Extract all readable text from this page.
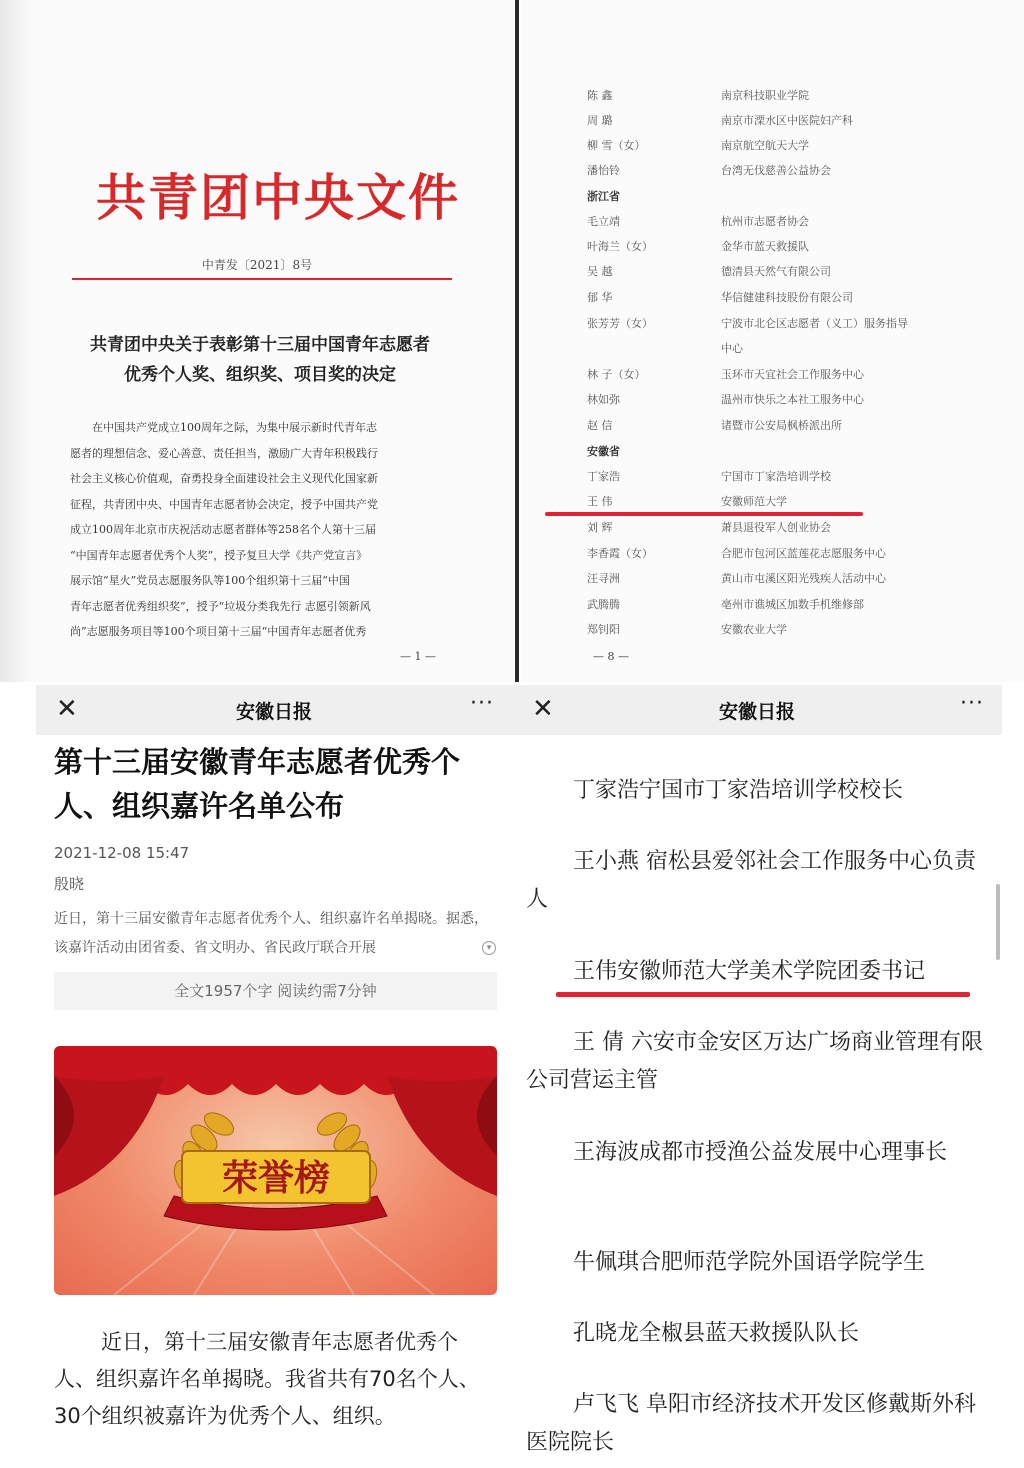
共青团中央文件
中青发〔2021〕8号
共青团中央关于表彰第十三届中国青年志愿者
优秀个人奖、组织奖、项目奖的决定
在中国共产党成立100周年之际，为集中展示新时代青年志
愿者的理想信念、爱心善意、责任担当，激励广大青年积极践行
社会主义核心价值观，奋勇投身全面建设社会主义现代化国家新
征程，共青团中央、中国青年志愿者协会决定，授予中国共产党
成立100周年北京市庆祝活动志愿者群体等258名个人第十三届
“中国青年志愿者优秀个人奖”，授予复旦大学《共产党宣言》
展示馆“星火”党员志愿服务队等100个组织第十三届“中国
青年志愿者优秀组织奖”，授予“垃圾分类我先行 志愿引领新风
尚”志愿服务项目等100个项目第十三届“中国青年志愿者优秀
— 1 —
陈 鑫	南京科技职业学院
周 璐	南京市溧水区中医院妇产科
柳 雪（女）	南京航空航天大学
潘怡铃	台湾无伐慈善公益协会
浙江省
毛立靖	杭州市志愿者协会
叶海兰（女）	金华市蓝天救援队
吴 越	德清县天然气有限公司
郁 华	华信健建科技股份有限公司
张芳芳（女）	宁波市北仑区志愿者（义工）服务指导
中心
林 子（女）	玉环市天宜社会工作服务中心
林如弥	温州市快乐之本社工服务中心
赵 信	诸暨市公安局枫桥派出所
安徽省
丁家浩	宁国市丁家浩培训学校
王 伟	安徽师范大学
刘 辉	萧县退役军人创业协会
李香霞（女）	合肥市包河区蓝莲花志愿服务中心
汪寻洲	黄山市屯溪区阳光残疾人活动中心
武腾腾	亳州市谯城区加数手机维修部
郑钊阳	安徽农业大学
— 8 —
✕	安徽日报	···
第十三届安徽青年志愿者优秀个人、组织嘉许名单公布
2021-12-08 15:47
殷晓
近日，第十三届安徽青年志愿者优秀个人、组织嘉许名单揭晓。据悉，该嘉许活动由团省委、省文明办、省民政厅联合开展	▾
全文1957个字 阅读约需7分钟
荣誉榜
近日，第十三届安徽青年志愿者优秀个人、组织嘉许名单揭晓。我省共有70名个人、30个组织被嘉许为优秀个人、组织。
✕	安徽日报	···
丁家浩宁国市丁家浩培训学校校长
王小燕 宿松县爱邻社会工作服务中心负责人
王伟安徽师范大学美术学院团委书记
王 倩 六安市金安区万达广场商业管理有限公司营运主管
王海波成都市授渔公益发展中心理事长
牛佩琪合肥师范学院外国语学院学生
孔晓龙全椒县蓝天救援队队长
卢飞飞 阜阳市经济技术开发区修戴斯外科医院院长
